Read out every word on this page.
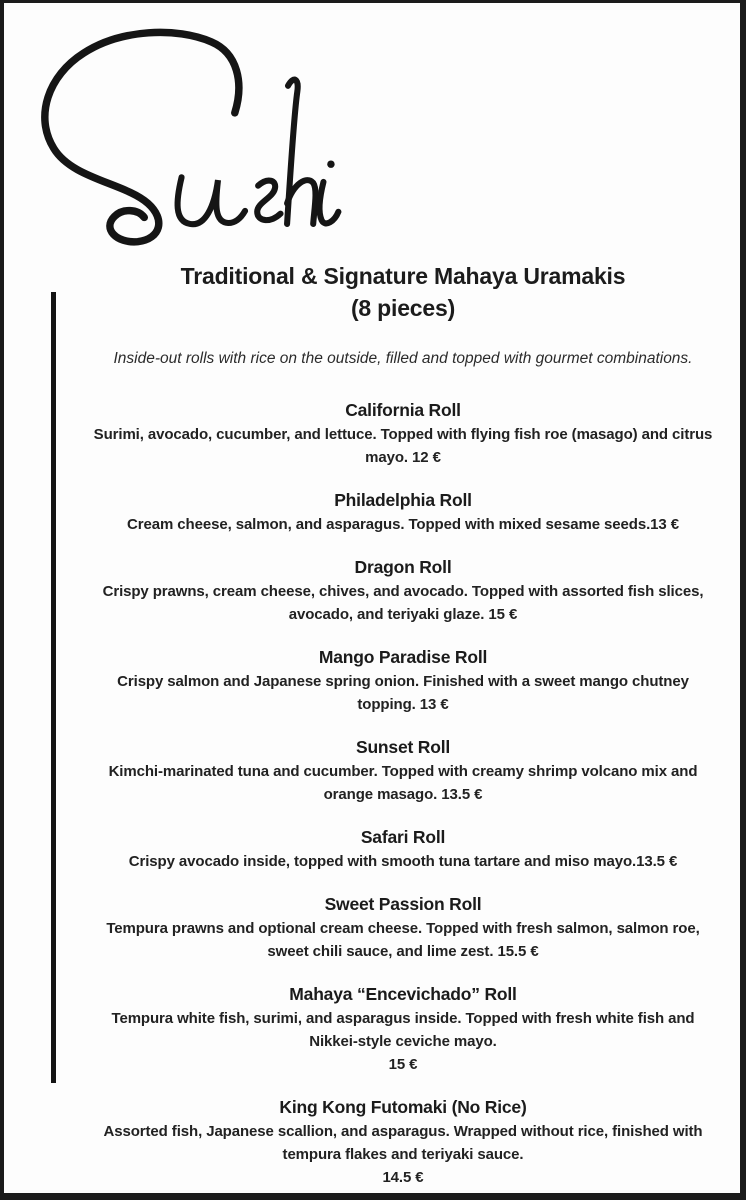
Traditional & Signature Mahaya Uramakis
(8 pieces)

Inside-out rolls with rice on the outside, filled and topped with gourmet combinations.

California Roll
Surimi, avocado, cucumber, and lettuce. Topped with flying fish roe (masago) and citrus mayo. 12 €
Philadelphia Roll
Cream cheese, salmon, and asparagus. Topped with mixed sesame seeds.13 €
Dragon Roll
Crispy prawns, cream cheese, chives, and avocado. Topped with assorted fish slices, avocado, and teriyaki glaze. 15 €
Mango Paradise Roll
Crispy salmon and Japanese spring onion. Finished with a sweet mango chutney topping. 13 €
Sunset Roll
Kimchi-marinated tuna and cucumber. Topped with creamy shrimp volcano mix and orange masago. 13.5 €
Safari Roll
Crispy avocado inside, topped with smooth tuna tartare and miso mayo.13.5 €
Sweet Passion Roll
Tempura prawns and optional cream cheese. Topped with fresh salmon, salmon roe, sweet chili sauce, and lime zest. 15.5 €
Mahaya “Encevichado” Roll
Tempura white fish, surimi, and asparagus inside. Topped with fresh white fish and Nikkei-style ceviche mayo.
15 €
King Kong Futomaki (No Rice)
Assorted fish, Japanese scallion, and asparagus. Wrapped without rice, finished with tempura flakes and teriyaki sauce.
14.5 €
